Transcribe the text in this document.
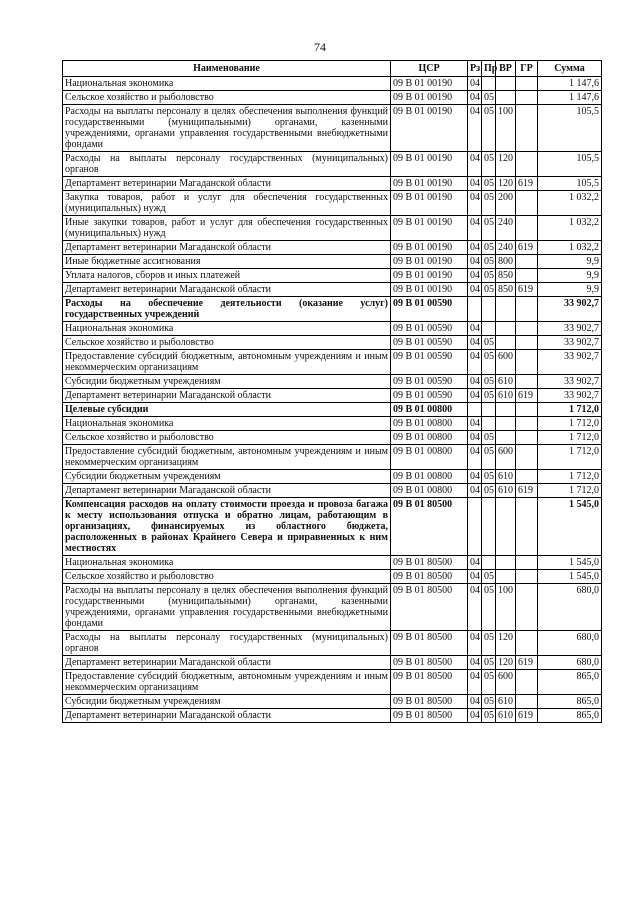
74
Наименование	ЦСР	Рз	Пр	ВР	ГР	Сумма
Национальная экономика	09 В 01 00190	04				1 147,6
Сельское хозяйство и рыболовство	09 В 01 00190	04	05			1 147,6
Расходы на выплаты персоналу в целях обеспечения выполнения функций государственными (муниципальными) органами, казенными учреждениями, органами управления государственными внебюджетными фондами	09 В 01 00190	04	05	100		105,5
Расходы на выплаты персоналу государственных (муниципальных) органов	09 В 01 00190	04	05	120		105,5
Департамент ветеринарии Магаданской области	09 В 01 00190	04	05	120	619	105,5
Закупка товаров, работ и услуг для обеспечения государственных (муниципальных) нужд	09 В 01 00190	04	05	200		1 032,2
Иные закупки товаров, работ и услуг для обеспечения государственных (муниципальных) нужд	09 В 01 00190	04	05	240		1 032,2
Департамент ветеринарии Магаданской области	09 В 01 00190	04	05	240	619	1 032,2
Иные бюджетные ассигнования	09 В 01 00190	04	05	800		9,9
Уплата налогов, сборов и иных платежей	09 В 01 00190	04	05	850		9,9
Департамент ветеринарии Магаданской области	09 В 01 00190	04	05	850	619	9,9
Расходы на обеспечение деятельности (оказание услуг) государственных учреждений	09 В 01 00590					33 902,7
Национальная экономика	09 В 01 00590	04				33 902,7
Сельское хозяйство и рыболовство	09 В 01 00590	04	05			33 902,7
Предоставление субсидий бюджетным, автономным учреждениям и иным некоммерческим организациям	09 В 01 00590	04	05	600		33 902,7
Субсидии бюджетным учреждениям	09 В 01 00590	04	05	610		33 902,7
Департамент ветеринарии Магаданской области	09 В 01 00590	04	05	610	619	33 902,7
Целевые субсидии	09 В 01 00800					1 712,0
Национальная экономика	09 В 01 00800	04				1 712,0
Сельское хозяйство и рыболовство	09 В 01 00800	04	05			1 712,0
Предоставление субсидий бюджетным, автономным учреждениям и иным некоммерческим организациям	09 В 01 00800	04	05	600		1 712,0
Субсидии бюджетным учреждениям	09 В 01 00800	04	05	610		1 712,0
Департамент ветеринарии Магаданской области	09 В 01 00800	04	05	610	619	1 712,0
Компенсация расходов на оплату стоимости проезда и провоза багажа к месту использования отпуска и обратно лицам, работающим в организациях, финансируемых из областного бюджета, расположенных в районах Крайнего Севера и приравненных к ним местностях	09 В 01 80500					1 545,0
Национальная экономика	09 В 01 80500	04				1 545,0
Сельское хозяйство и рыболовство	09 В 01 80500	04	05			1 545,0
Расходы на выплаты персоналу в целях обеспечения выполнения функций государственными (муниципальными) органами, казенными учреждениями, органами управления государственными внебюджетными фондами	09 В 01 80500	04	05	100		680,0
Расходы на выплаты персоналу государственных (муниципальных) органов	09 В 01 80500	04	05	120		680,0
Департамент ветеринарии Магаданской области	09 В 01 80500	04	05	120	619	680,0
Предоставление субсидий бюджетным, автономным учреждениям и иным некоммерческим организациям	09 В 01 80500	04	05	600		865,0
Субсидии бюджетным учреждениям	09 В 01 80500	04	05	610		865,0
Департамент ветеринарии Магаданской области	09 В 01 80500	04	05	610	619	865,0
